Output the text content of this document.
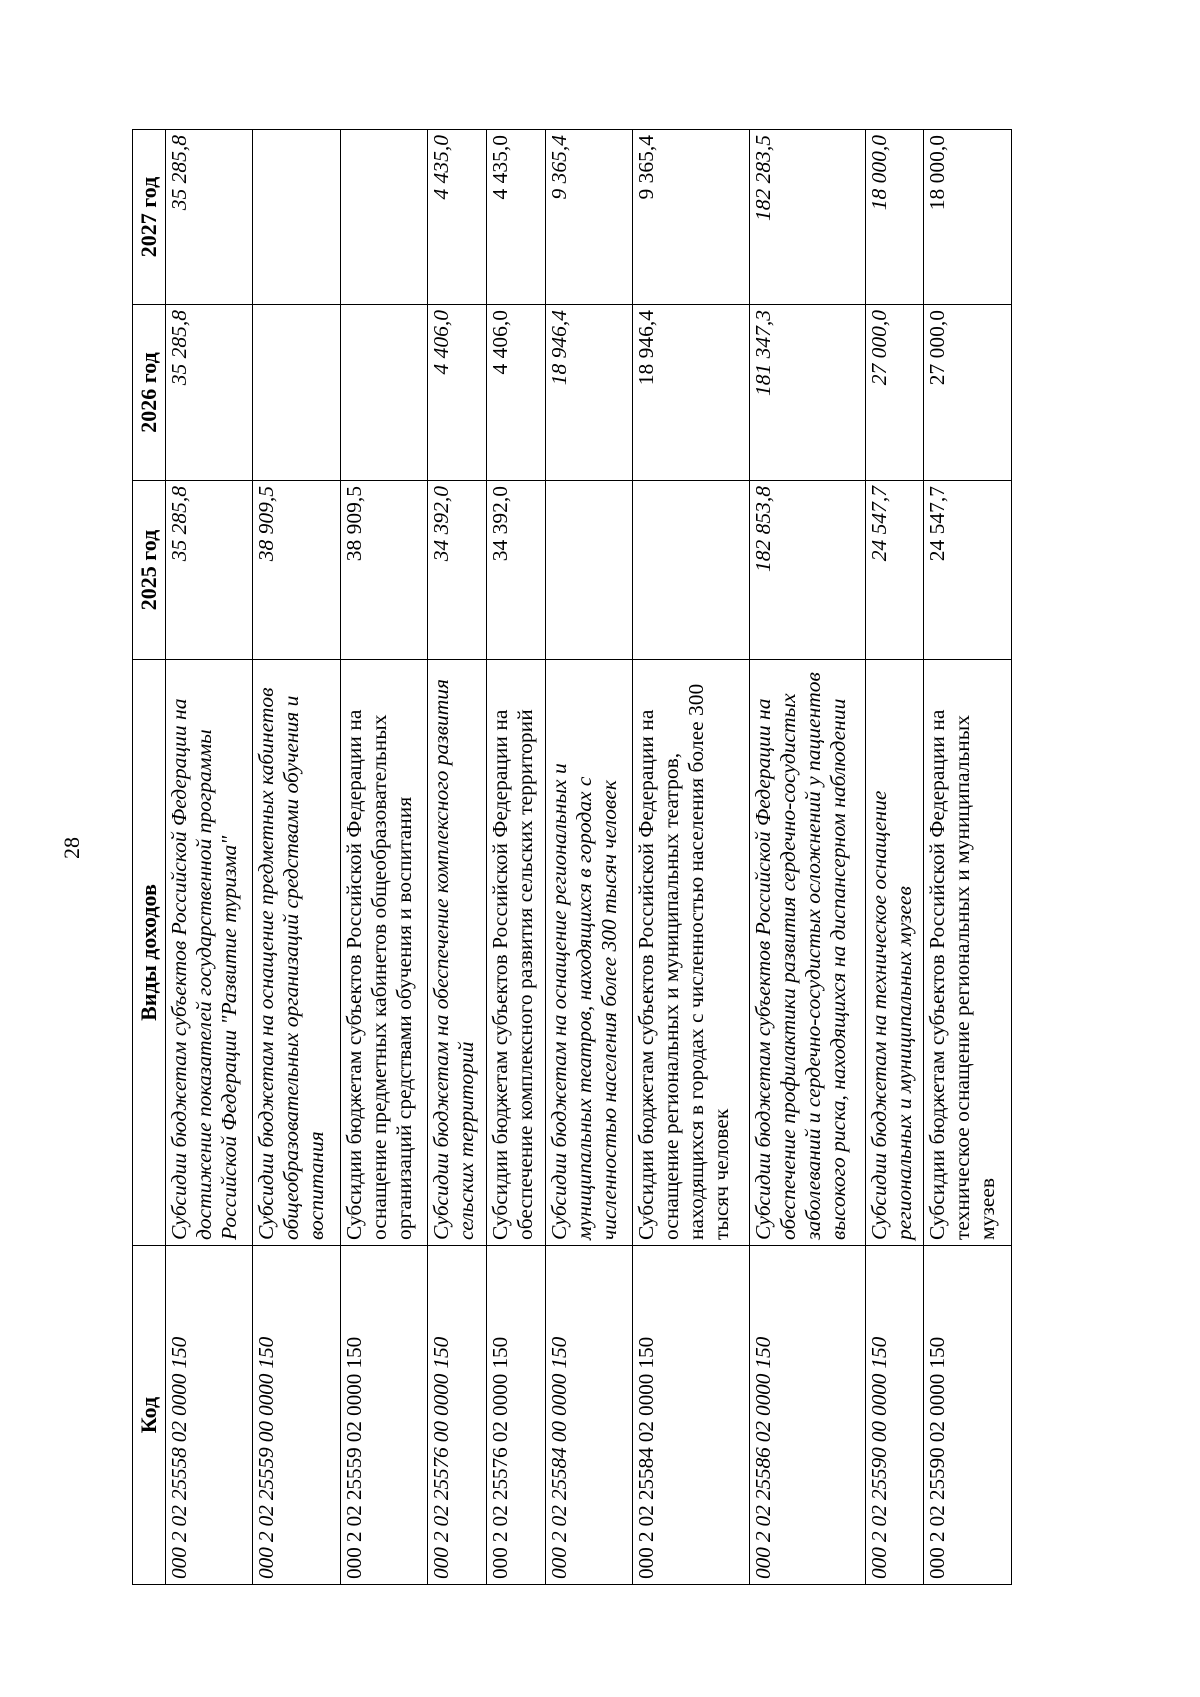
28
Код	Виды доходов	2025 год	2026 год	2027 год
000 2 02 25558 02 0000 150	Субсидии бюджетам субъектов Российской Федерации на достижение показателей государственной программы Российской Федерации "Развитие туризма"	35 285,8	35 285,8	35 285,8
000 2 02 25559 00 0000 150	Субсидии бюджетам на оснащение предметных кабинетов общеобразовательных организаций средствами обучения и воспитания	38 909,5		
000 2 02 25559 02 0000 150	Субсидии бюджетам субъектов Российской Федерации на оснащение предметных кабинетов общеобразовательных организаций средствами обучения и воспитания	38 909,5		
000 2 02 25576 00 0000 150	Субсидии бюджетам на обеспечение комплексного развития сельских территорий	34 392,0	4 406,0	4 435,0
000 2 02 25576 02 0000 150	Субсидии бюджетам субъектов Российской Федерации на обеспечение комплексного развития сельских территорий	34 392,0	4 406,0	4 435,0
000 2 02 25584 00 0000 150	Субсидии бюджетам на оснащение региональных и муниципальных театров, находящихся в городах с численностью населения более 300 тысяч человек		18 946,4	9 365,4
000 2 02 25584 02 0000 150	Субсидии бюджетам субъектов Российской Федерации на оснащение региональных и муниципальных театров, находящихся в городах с численностью населения более 300 тысяч человек		18 946,4	9 365,4
000 2 02 25586 02 0000 150	Субсидии бюджетам субъектов Российской Федерации на обеспечение профилактики развития сердечно-сосудистых заболеваний и сердечно-сосудистых осложнений у пациентов высокого риска, находящихся на диспансерном наблюдении	182 853,8	181 347,3	182 283,5
000 2 02 25590 00 0000 150	Субсидии бюджетам на техническое оснащение региональных и муниципальных музеев	24 547,7	27 000,0	18 000,0
000 2 02 25590 02 0000 150	Субсидии бюджетам субъектов Российской Федерации на техническое оснащение региональных и муниципальных музеев	24 547,7	27 000,0	18 000,0
